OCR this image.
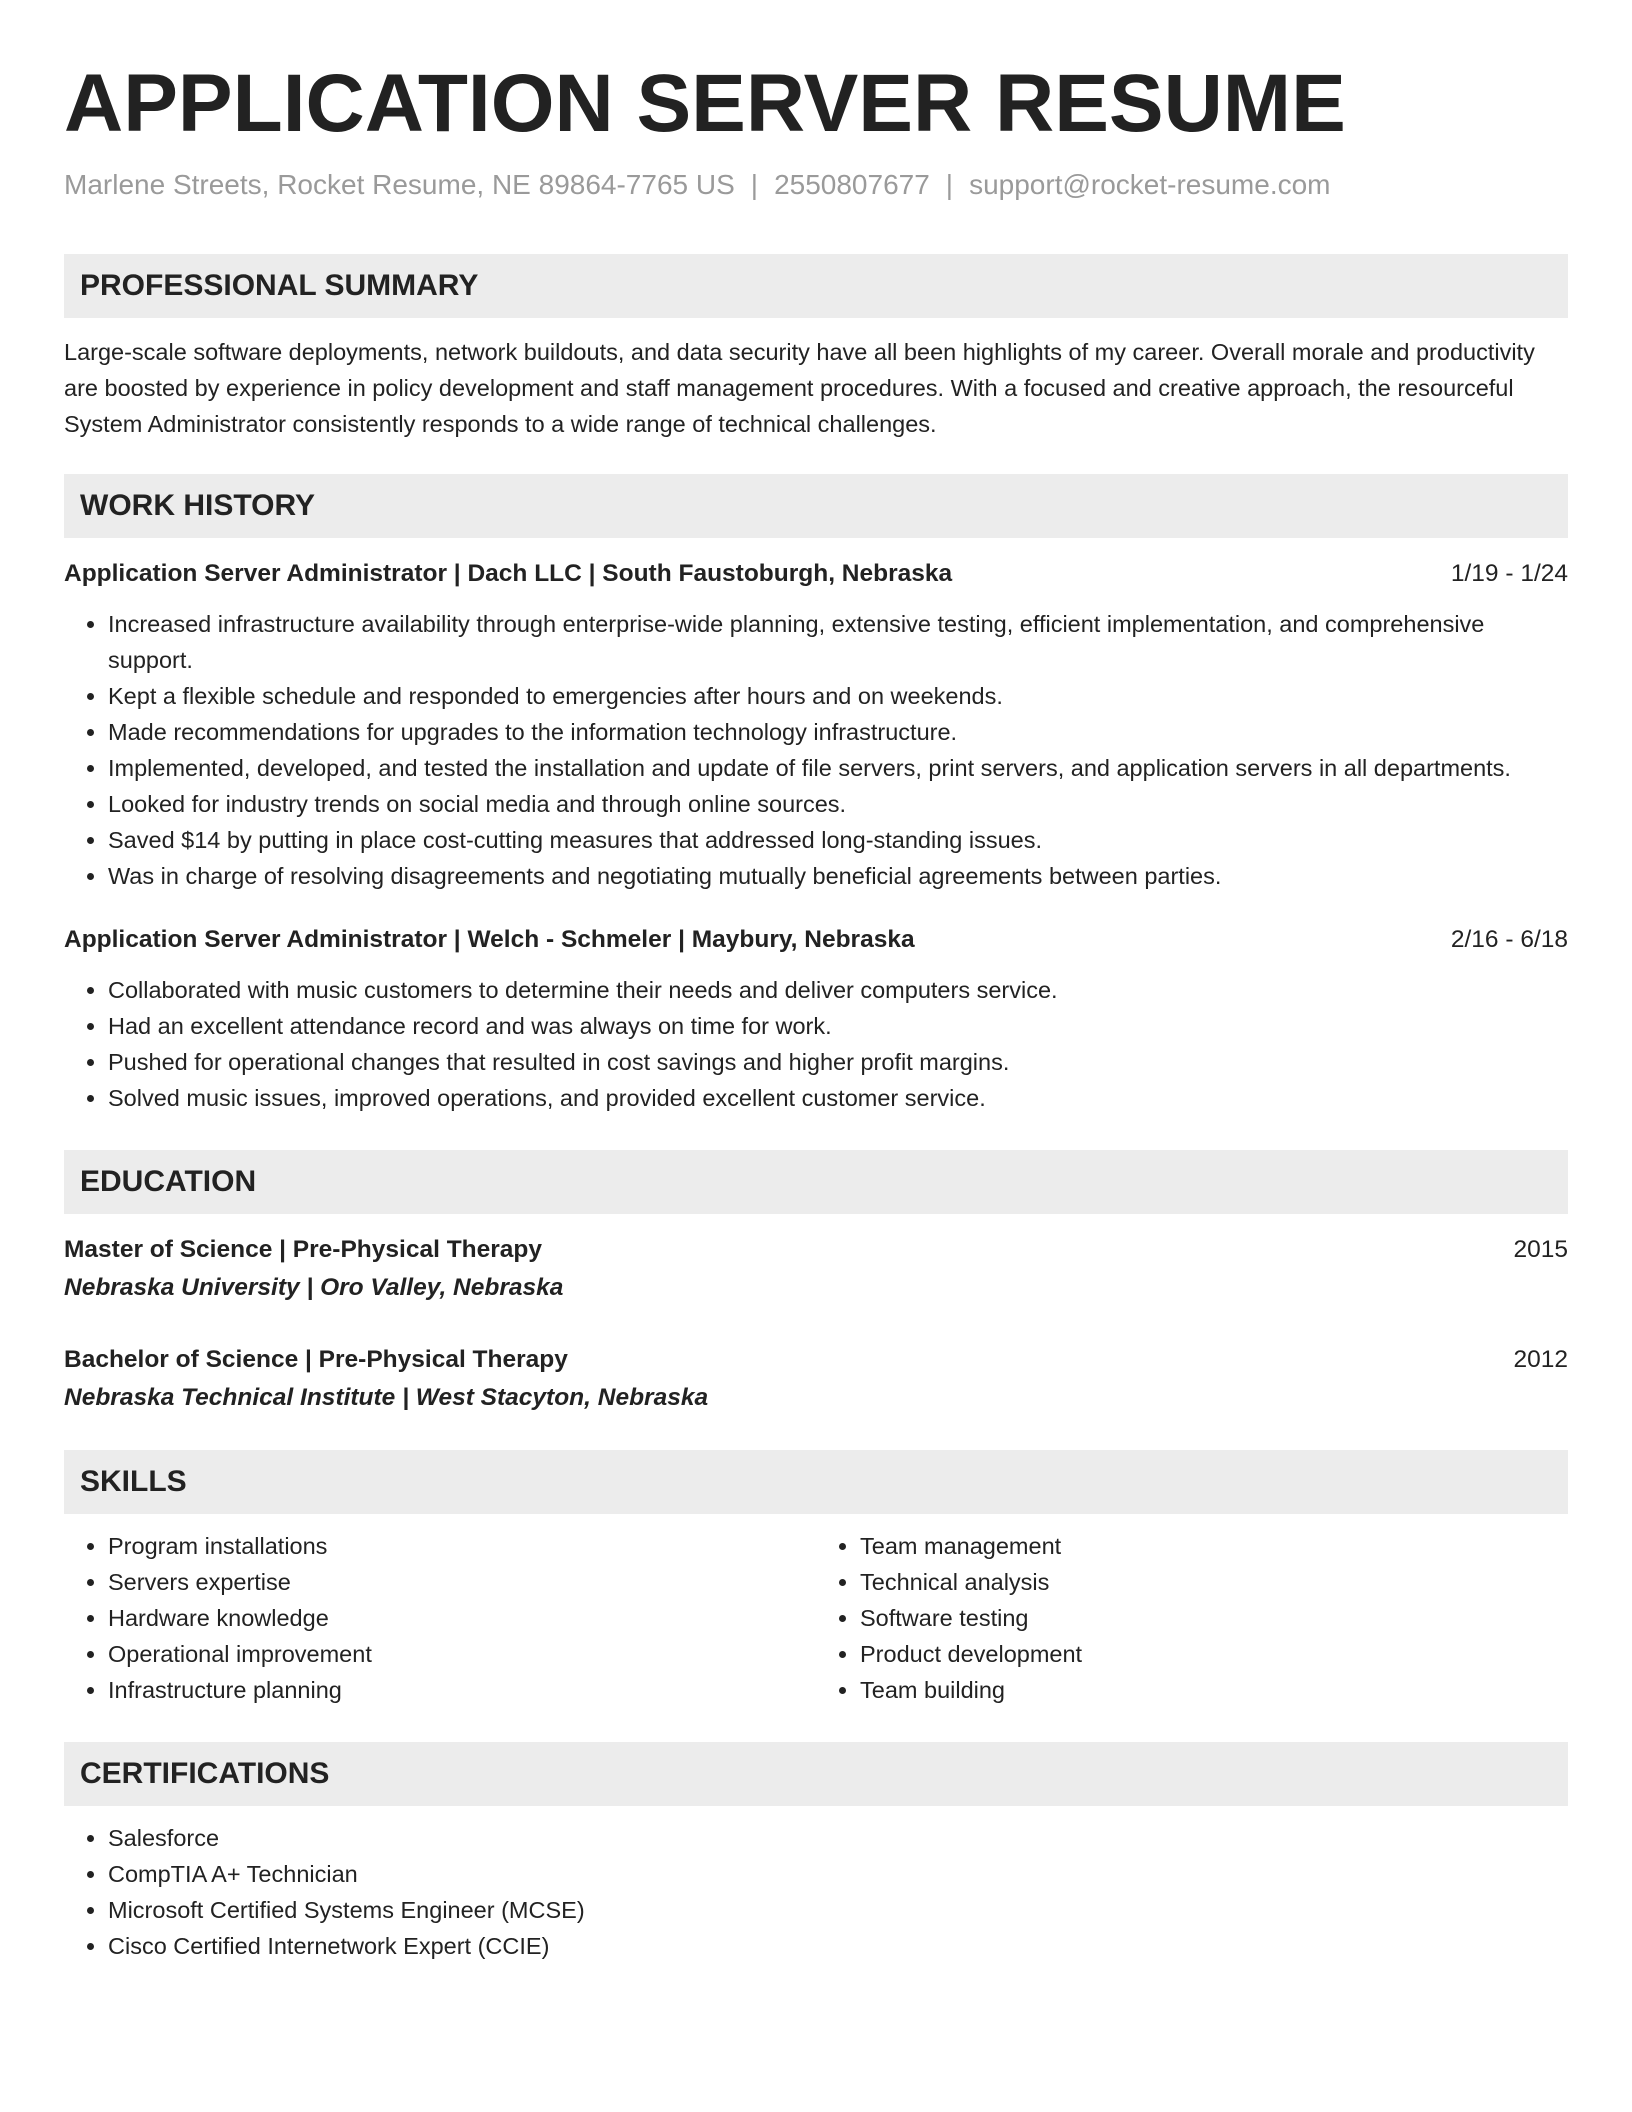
APPLICATION SERVER RESUME
Marlene Streets, Rocket Resume, NE 89864-7765 US | 2550807677 | support@rocket-resume.com
PROFESSIONAL SUMMARY
Large-scale software deployments, network buildouts, and data security have all been highlights of my career. Overall morale and productivity are boosted by experience in policy development and staff management procedures. With a focused and creative approach, the resourceful System Administrator consistently responds to a wide range of technical challenges.
WORK HISTORY
Application Server Administrator | Dach LLC | South Faustoburgh, Nebraska	1/19 - 1/24
• Increased infrastructure availability through enterprise-wide planning, extensive testing, efficient implementation, and comprehensive support.
• Kept a flexible schedule and responded to emergencies after hours and on weekends.
• Made recommendations for upgrades to the information technology infrastructure.
• Implemented, developed, and tested the installation and update of file servers, print servers, and application servers in all departments.
• Looked for industry trends on social media and through online sources.
• Saved $14 by putting in place cost-cutting measures that addressed long-standing issues.
• Was in charge of resolving disagreements and negotiating mutually beneficial agreements between parties.
Application Server Administrator | Welch - Schmeler | Maybury, Nebraska	2/16 - 6/18
• Collaborated with music customers to determine their needs and deliver computers service.
• Had an excellent attendance record and was always on time for work.
• Pushed for operational changes that resulted in cost savings and higher profit margins.
• Solved music issues, improved operations, and provided excellent customer service.
EDUCATION
Master of Science | Pre-Physical Therapy	2015
Nebraska University | Oro Valley, Nebraska
Bachelor of Science | Pre-Physical Therapy	2012
Nebraska Technical Institute | West Stacyton, Nebraska
SKILLS
• Program installations
• Servers expertise
• Hardware knowledge
• Operational improvement
• Infrastructure planning
• Team management
• Technical analysis
• Software testing
• Product development
• Team building
CERTIFICATIONS
• Salesforce
• CompTIA A+ Technician
• Microsoft Certified Systems Engineer (MCSE)
• Cisco Certified Internetwork Expert (CCIE)
